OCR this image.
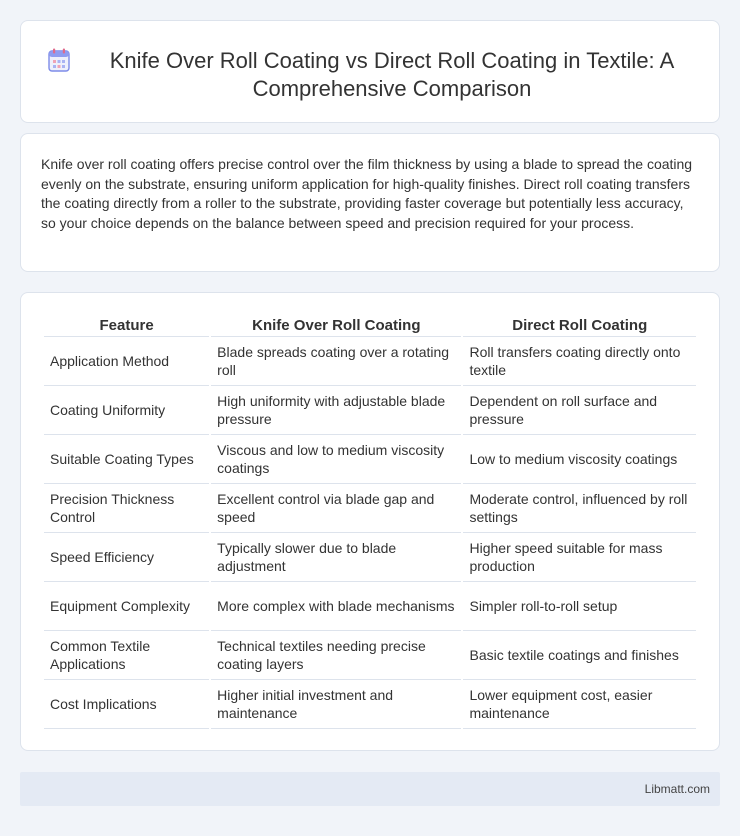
Knife Over Roll Coating vs Direct Roll Coating in Textile: A Comprehensive Comparison

Knife over roll coating offers precise control over the film thickness by using a blade to spread the coating evenly on the substrate, ensuring uniform application for high-quality finishes. Direct roll coating transfers the coating directly from a roller to the substrate, providing faster coverage but potentially less accuracy, so your choice depends on the balance between speed and precision required for your process.

Feature	Knife Over Roll Coating	Direct Roll Coating
Application Method	Blade spreads coating over a rotating roll	Roll transfers coating directly onto textile
Coating Uniformity	High uniformity with adjustable blade pressure	Dependent on roll surface and pressure
Suitable Coating Types	Viscous and low to medium viscosity coatings	Low to medium viscosity coatings
Precision Thickness Control	Excellent control via blade gap and speed	Moderate control, influenced by roll settings
Speed Efficiency	Typically slower due to blade adjustment	Higher speed suitable for mass production
Equipment Complexity	More complex with blade mechanisms	Simpler roll-to-roll setup
Common Textile Applications	Technical textiles needing precise coating layers	Basic textile coatings and finishes
Cost Implications	Higher initial investment and maintenance	Lower equipment cost, easier maintenance
Libmatt.com
